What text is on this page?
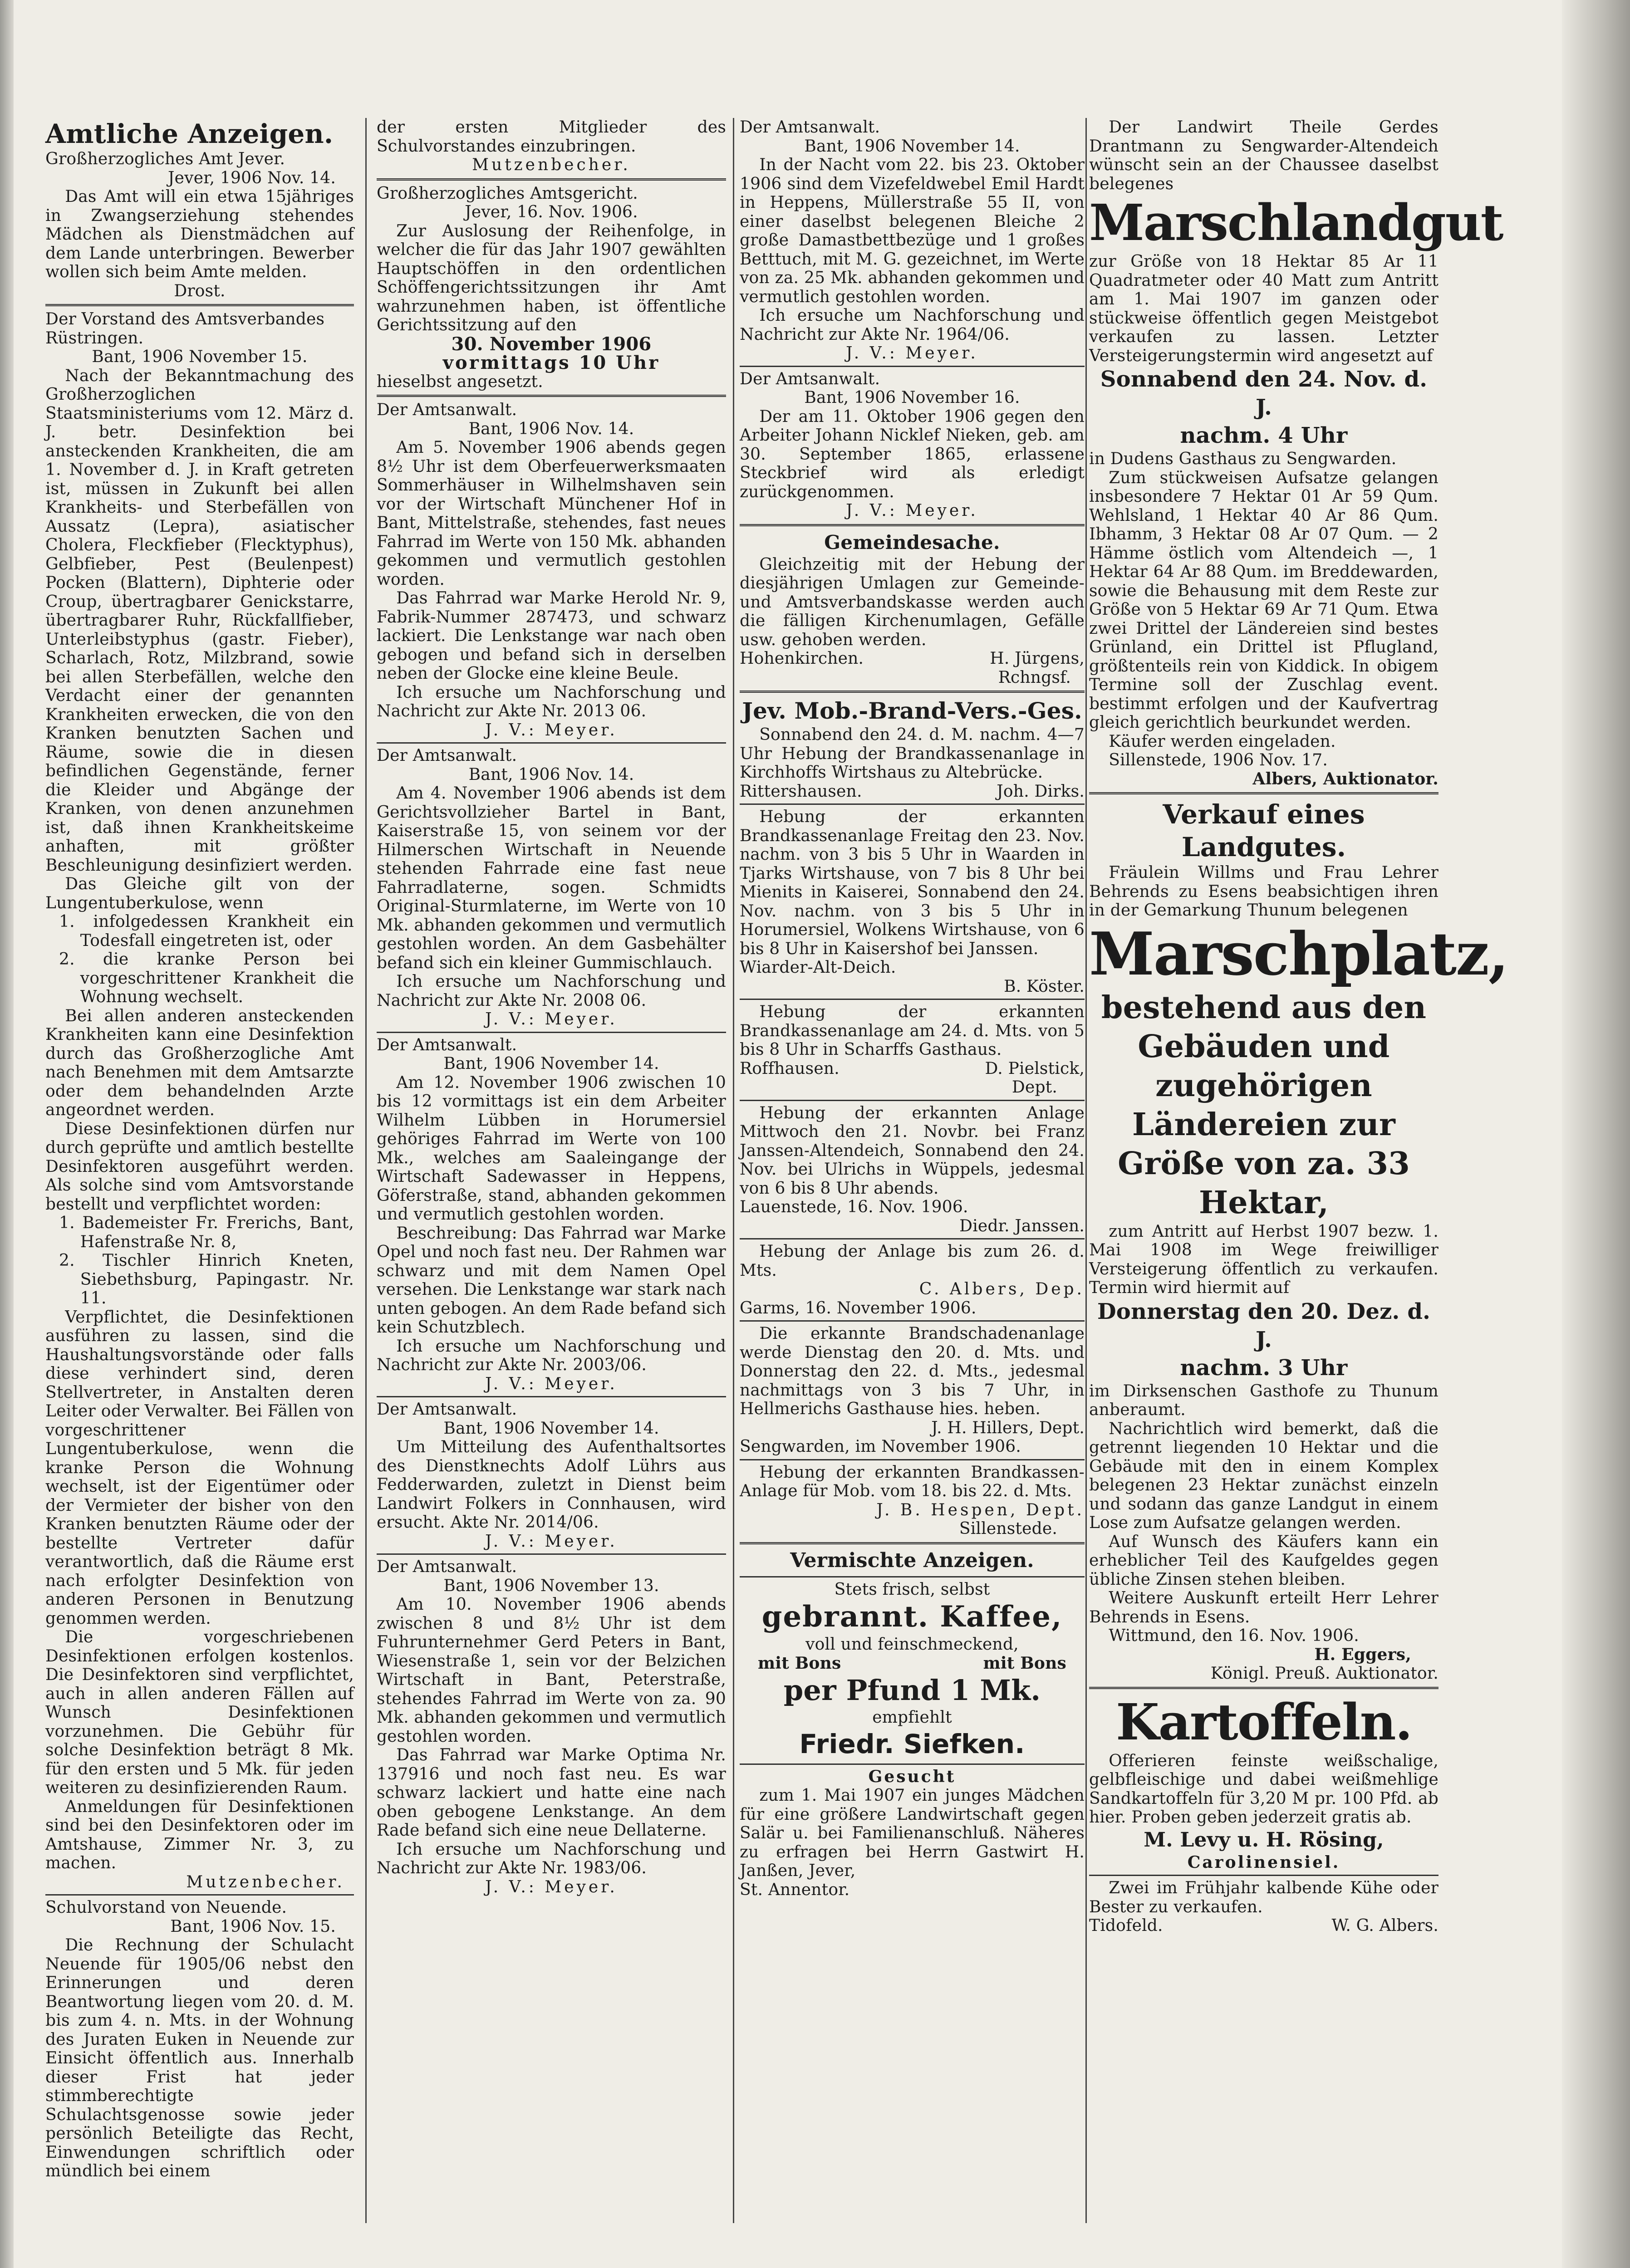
Amtliche Anzeigen.

Großherzogliches Amt Jever.

Jever, 1906 Nov. 14.

Das Amt will ein etwa 15jähriges in Zwangserziehung stehendes Mädchen als Dienstmädchen auf dem Lande unterbringen. Bewerber wollen sich beim Amte melden.

Drost.

Der Vorstand des Amtsverbandes Rüstringen.

Bant, 1906 November 15.

Nach der Bekanntmachung des Großherzoglichen Staatsministeriums vom 12. März d. J. betr. Desinfektion bei ansteckenden Krankheiten, die am 1. November d. J. in Kraft getreten ist, müssen in Zukunft bei allen Krankheits- und Sterbefällen von Aussatz (Lepra), asiatischer Cholera, Fleckfieber (Flecktyphus), Gelbfieber, Pest (Beulenpest) Pocken (Blattern), Diphterie oder Croup, übertragbarer Genickstarre, übertragbarer Ruhr, Rückfallfieber, Unterleibstyphus (gastr. Fieber), Scharlach, Rotz, Milzbrand, sowie bei allen Sterbefällen, welche den Verdacht einer der genannten Krankheiten erwecken, die von den Kranken benutzten Sachen und Räume, sowie die in diesen befindlichen Gegenstände, ferner die Kleider und Abgänge der Kranken, von denen anzunehmen ist, daß ihnen Krankheitskeime anhaften, mit größter Beschleunigung desinfiziert werden.

Das Gleiche gilt von der Lungentuberkulose, wenn

1. infolgedessen Krankheit ein Todesfall eingetreten ist, oder

2. die kranke Person bei vorgeschrittener Krankheit die Wohnung wechselt.

Bei allen anderen ansteckenden Krankheiten kann eine Desinfektion durch das Großherzogliche Amt nach Benehmen mit dem Amtsarzte oder dem behandelnden Arzte angeordnet werden.

Diese Desinfektionen dürfen nur durch geprüfte und amtlich bestellte Desinfektoren ausgeführt werden. Als solche sind vom Amtsvorstande bestellt und verpflichtet worden:

1. Bademeister Fr. Frerichs, Bant, Hafenstraße Nr. 8,

2. Tischler Hinrich Kneten, Siebethsburg, Papingastr. Nr. 11.

Verpflichtet, die Desinfektionen ausführen zu lassen, sind die Haushaltungsvorstände oder falls diese verhindert sind, deren Stellvertreter, in Anstalten deren Leiter oder Verwalter. Bei Fällen von vorgeschrittener Lungentuberkulose, wenn die kranke Person die Wohnung wechselt, ist der Eigentümer oder der Vermieter der bisher von den Kranken benutzten Räume oder der bestellte Vertreter dafür verantwortlich, daß die Räume erst nach erfolgter Desinfektion von anderen Personen in Benutzung genommen werden.

Die vorgeschriebenen Desinfektionen erfolgen kostenlos. Die Desinfektoren sind verpflichtet, auch in allen anderen Fällen auf Wunsch Desinfektionen vorzunehmen. Die Gebühr für solche Desinfektion beträgt 8 Mk. für den ersten und 5 Mk. für jeden weiteren zu desinfizierenden Raum.

Anmeldungen für Desinfektionen sind bei den Desinfektoren oder im Amtshause, Zimmer Nr. 3, zu machen.

Mutzenbecher.

Schulvorstand von Neuende.

Bant, 1906 Nov. 15.

Die Rechnung der Schulacht Neuende für 1905/06 nebst den Erinnerungen und deren Beantwortung liegen vom 20. d. M. bis zum 4. n. Mts. in der Wohnung des Juraten Euken in Neuende zur Einsicht öffentlich aus. Innerhalb dieser Frist hat jeder stimmberechtigte Schulachtsgenosse sowie jeder persönlich Beteiligte das Recht, Einwendungen schriftlich oder mündlich bei einem

der ersten Mitglieder des Schulvorstandes einzubringen.

Mutzenbecher.

Großherzogliches Amtsgericht.

Jever, 16. Nov. 1906.

Zur Auslosung der Reihenfolge, in welcher die für das Jahr 1907 gewählten Hauptschöffen in den ordentlichen Schöffengerichtssitzungen ihr Amt wahrzunehmen haben, ist öffentliche Gerichtssitzung auf den

30. November 1906

vormittags 10 Uhr

hieselbst angesetzt.

Der Amtsanwalt.

Bant, 1906 Nov. 14.

Am 5. November 1906 abends gegen 8½ Uhr ist dem Oberfeuerwerksmaaten Sommerhäuser in Wilhelmshaven sein vor der Wirtschaft Münchener Hof in Bant, Mittelstraße, stehendes, fast neues Fahrrad im Werte von 150 Mk. abhanden gekommen und vermutlich gestohlen worden.

Das Fahrrad war Marke Herold Nr. 9, Fabrik-Nummer 287473, und schwarz lackiert. Die Lenkstange war nach oben gebogen und befand sich in derselben neben der Glocke eine kleine Beule.

Ich ersuche um Nachforschung und Nachricht zur Akte Nr. 2013 06.

J. V.: Meyer.

Der Amtsanwalt.

Bant, 1906 Nov. 14.

Am 4. November 1906 abends ist dem Gerichtsvollzieher Bartel in Bant, Kaiserstraße 15, von seinem vor der Hilmerschen Wirtschaft in Neuende stehenden Fahrrade eine fast neue Fahrradlaterne, sogen. Schmidts Original-Sturmlaterne, im Werte von 10 Mk. abhanden gekommen und vermutlich gestohlen worden. An dem Gasbehälter befand sich ein kleiner Gummischlauch.

Ich ersuche um Nachforschung und Nachricht zur Akte Nr. 2008 06.

J. V.: Meyer.

Der Amtsanwalt.

Bant, 1906 November 14.

Am 12. November 1906 zwischen 10 bis 12 vormittags ist ein dem Arbeiter Wilhelm Lübben in Horumersiel gehöriges Fahrrad im Werte von 100 Mk., welches am Saaleingange der Wirtschaft Sadewasser in Heppens, Göferstraße, stand, abhanden gekommen und vermutlich gestohlen worden.

Beschreibung: Das Fahrrad war Marke Opel und noch fast neu. Der Rahmen war schwarz und mit dem Namen Opel versehen. Die Lenkstange war stark nach unten gebogen. An dem Rade befand sich kein Schutzblech.

Ich ersuche um Nachforschung und Nachricht zur Akte Nr. 2003/06.

J. V.: Meyer.

Der Amtsanwalt.

Bant, 1906 November 14.

Um Mitteilung des Aufenthaltsortes des Dienstknechts Adolf Lührs aus Fedderwarden, zuletzt in Dienst beim Landwirt Folkers in Connhausen, wird ersucht. Akte Nr. 2014/06.

J. V.: Meyer.

Der Amtsanwalt.

Bant, 1906 November 13.

Am 10. November 1906 abends zwischen 8 und 8½ Uhr ist dem Fuhrunternehmer Gerd Peters in Bant, Wiesenstraße 1, sein vor der Belzichen Wirtschaft in Bant, Peterstraße, stehendes Fahrrad im Werte von za. 90 Mk. abhanden gekommen und vermutlich gestohlen worden.

Das Fahrrad war Marke Optima Nr. 137916 und noch fast neu. Es war schwarz lackiert und hatte eine nach oben gebogene Lenkstange. An dem Rade befand sich eine neue Dellaterne.

Ich ersuche um Nachforschung und Nachricht zur Akte Nr. 1983/06.

J. V.: Meyer.

Der Amtsanwalt.

Bant, 1906 November 14.

In der Nacht vom 22. bis 23. Oktober 1906 sind dem Vizefeldwebel Emil Hardt in Heppens, Müllerstraße 55 II, von einer daselbst belegenen Bleiche 2 große Damastbettbezüge und 1 großes Betttuch, mit M. G. gezeichnet, im Werte von za. 25 Mk. abhanden gekommen und vermutlich gestohlen worden.

Ich ersuche um Nachforschung und Nachricht zur Akte Nr. 1964/06.

J. V.: Meyer.

Der Amtsanwalt.

Bant, 1906 November 16.

Der am 11. Oktober 1906 gegen den Arbeiter Johann Nicklef Nieken, geb. am 30. September 1865, erlassene Steckbrief wird als erledigt zurückgenommen.

J. V.: Meyer.

Gemeindesache.

Gleichzeitig mit der Hebung der diesjährigen Umlagen zur Gemeinde- und Amtsverbandskasse werden auch die fälligen Kirchenumlagen, Gefälle usw. gehoben werden.

Hohenkirchen.	H. Jürgens,

Rchngsf.

Jev. Mob.-Brand-Vers.-Ges.

Sonnabend den 24. d. M. nachm. 4—7 Uhr Hebung der Brandkassenanlage in Kirchhoffs Wirtshaus zu Altebrücke.

Rittershausen.	Joh. Dirks.

Hebung der erkannten Brandkassenanlage Freitag den 23. Nov. nachm. von 3 bis 5 Uhr in Waarden in Tjarks Wirtshause, von 7 bis 8 Uhr bei Mienits in Kaiserei, Sonnabend den 24. Nov. nachm. von 3 bis 5 Uhr in Horumersiel, Wolkens Wirtshause, von 6 bis 8 Uhr in Kaisershof bei Janssen.

Wiarder-Alt-Deich.

B. Köster.

Hebung der erkannten Brandkassenanlage am 24. d. Mts. von 5 bis 8 Uhr in Scharffs Gasthaus.

Roffhausen.	D. Pielstick,

Dept.

Hebung der erkannten Anlage Mittwoch den 21. Novbr. bei Franz Janssen-Altendeich, Sonnabend den 24. Nov. bei Ulrichs in Wüppels, jedesmal von 6 bis 8 Uhr abends.

Lauenstede, 16. Nov. 1906.

Diedr. Janssen.

Hebung der Anlage bis zum 26. d. Mts.

C. Albers, Dep.

Garms, 16. November 1906.

Die erkannte Brandschadenanlage werde Dienstag den 20. d. Mts. und Donnerstag den 22. d. Mts., jedesmal nachmittags von 3 bis 7 Uhr, in Hellmerichs Gasthause hies. heben.

J. H. Hillers, Dept.

Sengwarden, im November 1906.

Hebung der erkannten Brandkassen-Anlage für Mob. vom 18. bis 22. d. Mts.

J. B. Hespen, Dept.

Sillenstede.

Vermischte Anzeigen.

Stets frisch, selbst

gebrannt. Kaffee,

voll und feinschmeckend,

mit Bons	mit Bons

per Pfund 1 Mk.

empfiehlt

Friedr. Siefken.

Gesucht

zum 1. Mai 1907 ein junges Mädchen für eine größere Landwirtschaft gegen Salär u. bei Familienanschluß. Näheres zu erfragen bei Herrn Gastwirt H. Janßen, Jever,

St. Annentor.

Der Landwirt Theile Gerdes Drantmann zu Sengwarder-Altendeich wünscht sein an der Chaussee daselbst belegenes

Marschlandgut

zur Größe von 18 Hektar 85 Ar 11 Quadratmeter oder 40 Matt zum Antritt am 1. Mai 1907 im ganzen oder stückweise öffentlich gegen Meistgebot verkaufen zu lassen. Letzter Versteigerungstermin wird angesetzt auf

Sonnabend den 24. Nov. d. J.

nachm. 4 Uhr

in Dudens Gasthaus zu Sengwarden.

Zum stückweisen Aufsatze gelangen insbesondere 7 Hektar 01 Ar 59 Qum. Wehlsland, 1 Hektar 40 Ar 86 Qum. Ibhamm, 3 Hektar 08 Ar 07 Qum. — 2 Hämme östlich vom Altendeich —, 1 Hektar 64 Ar 88 Qum. im Breddewarden, sowie die Behausung mit dem Reste zur Größe von 5 Hektar 69 Ar 71 Qum. Etwa zwei Drittel der Ländereien sind bestes Grünland, ein Drittel ist Pflugland, größtenteils rein von Kiddick. In obigem Termine soll der Zuschlag event. bestimmt erfolgen und der Kaufvertrag gleich gerichtlich beurkundet werden.

Käufer werden eingeladen.

Sillenstede, 1906 Nov. 17.

Albers, Auktionator.

Verkauf eines Landgutes.

Fräulein Willms und Frau Lehrer Behrends zu Esens beabsichtigen ihren in der Gemarkung Thunum belegenen

Marschplatz,

bestehend aus den Gebäuden und zugehörigen Ländereien zur Größe von za. 33 Hektar,

zum Antritt auf Herbst 1907 bezw. 1. Mai 1908 im Wege freiwilliger Versteigerung öffentlich zu verkaufen. Termin wird hiermit auf

Donnerstag den 20. Dez. d. J.

nachm. 3 Uhr

im Dirksenschen Gasthofe zu Thunum anberaumt.

Nachrichtlich wird bemerkt, daß die getrennt liegenden 10 Hektar und die Gebäude mit den in einem Komplex belegenen 23 Hektar zunächst einzeln und sodann das ganze Landgut in einem Lose zum Aufsatze gelangen werden.

Auf Wunsch des Käufers kann ein erheblicher Teil des Kaufgeldes gegen übliche Zinsen stehen bleiben.

Weitere Auskunft erteilt Herr Lehrer Behrends in Esens.

Wittmund, den 16. Nov. 1906.

H. Eggers,

Königl. Preuß. Auktionator.

Kartoffeln.

Offerieren feinste weißschalige, gelbfleischige und dabei weißmehlige Sandkartoffeln für 3,20 M pr. 100 Pfd. ab hier. Proben geben jederzeit gratis ab.

M. Levy u. H. Rösing,

Carolinensiel.

Zwei im Frühjahr kalbende Kühe oder Bester zu verkaufen.

Tidofeld.	W. G. Albers.
